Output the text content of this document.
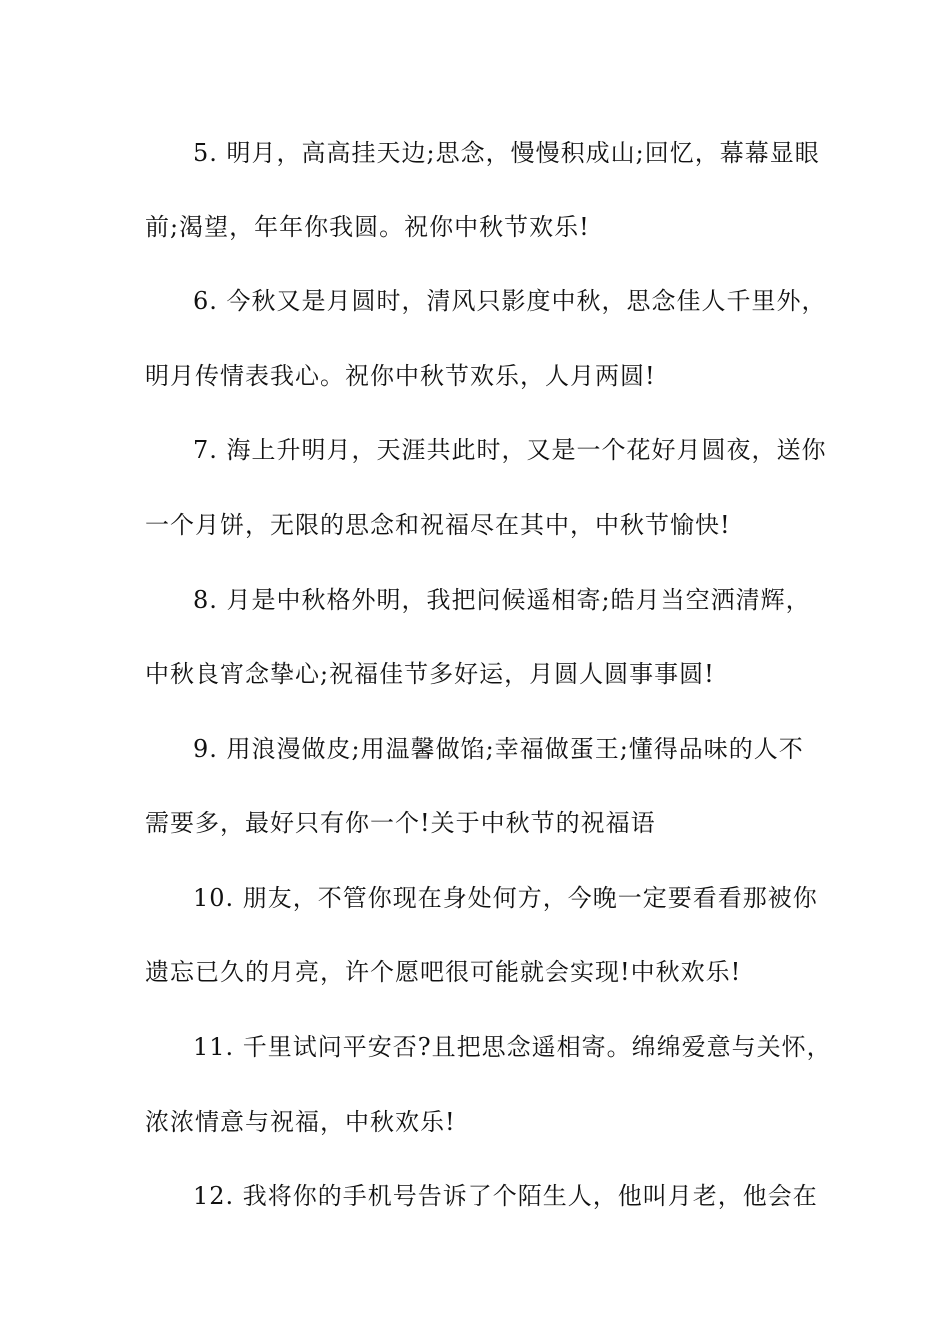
5. 明月，高高挂天边;思念，慢慢积成山;回忆，幕幕显眼
前;渴望，年年你我圆。祝你中秋节欢乐!
6. 今秋又是月圆时，清风只影度中秋，思念佳人千里外，
明月传情表我心。祝你中秋节欢乐，人月两圆!
7. 海上升明月，天涯共此时，又是一个花好月圆夜，送你
一个月饼，无限的思念和祝福尽在其中，中秋节愉快!
8. 月是中秋格外明，我把问候遥相寄;皓月当空洒清辉，
中秋良宵念挚心;祝福佳节多好运，月圆人圆事事圆!
9. 用浪漫做皮;用温馨做馅;幸福做蛋王;懂得品味的人不
需要多，最好只有你一个!关于中秋节的祝福语
10. 朋友，不管你现在身处何方，今晚一定要看看那被你
遗忘已久的月亮，许个愿吧很可能就会实现!中秋欢乐!
11. 千里试问平安否?且把思念遥相寄。绵绵爱意与关怀，
浓浓情意与祝福，中秋欢乐!
12. 我将你的手机号告诉了个陌生人，他叫月老，他会在
